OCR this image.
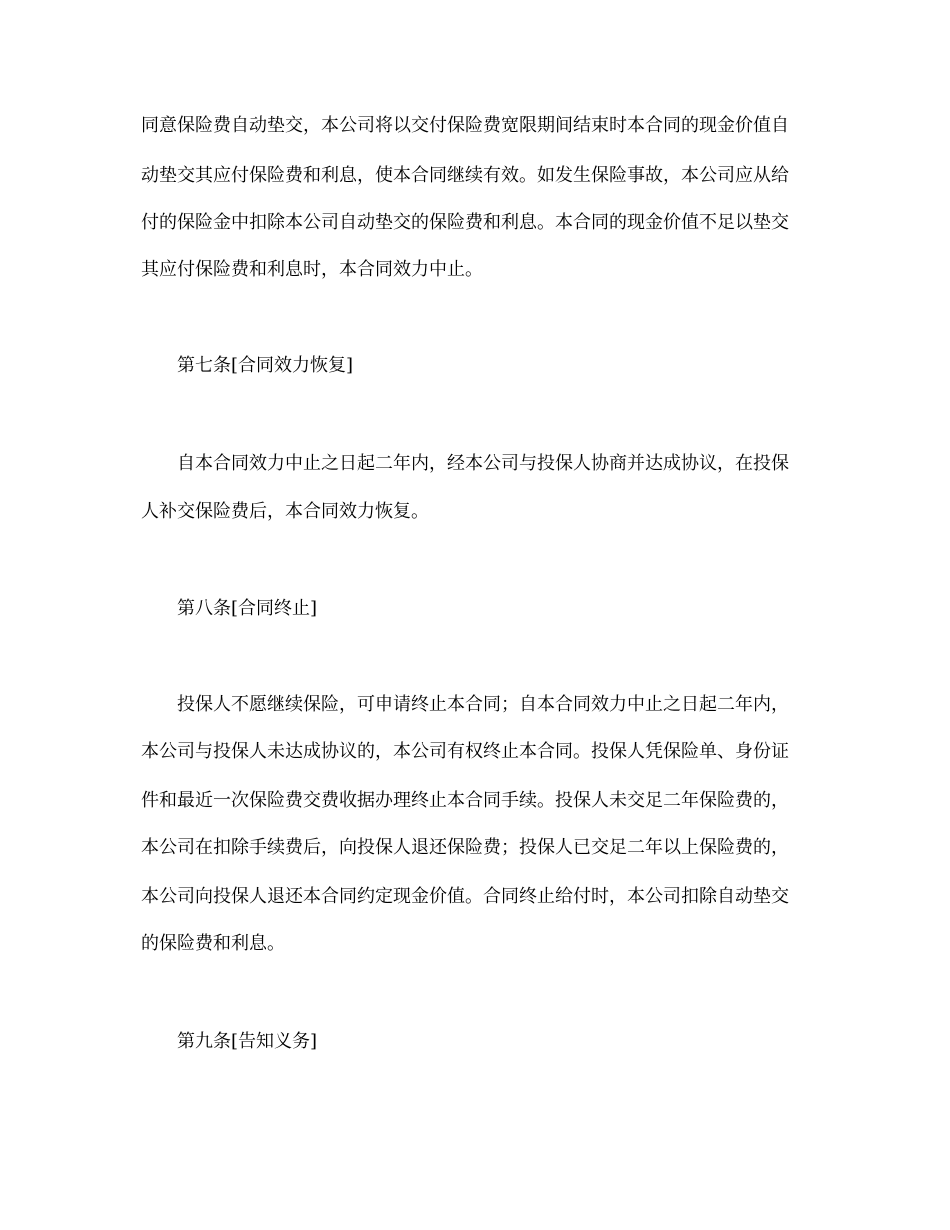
同意保险费自动垫交，本公司将以交付保险费宽限期间结束时本合同的现金价值自
动垫交其应付保险费和利息，使本合同继续有效。如发生保险事故，本公司应从给
付的保险金中扣除本公司自动垫交的保险费和利息。本合同的现金价值不足以垫交
其应付保险费和利息时，本合同效力中止。
第七条[合同效力恢复]
自本合同效力中止之日起二年内，经本公司与投保人协商并达成协议，在投保
人补交保险费后，本合同效力恢复。
第八条[合同终止]
投保人不愿继续保险，可申请终止本合同；自本合同效力中止之日起二年内，
本公司与投保人未达成协议的，本公司有权终止本合同。投保人凭保险单、身份证
件和最近一次保险费交费收据办理终止本合同手续。投保人未交足二年保险费的，
本公司在扣除手续费后，向投保人退还保险费；投保人已交足二年以上保险费的，
本公司向投保人退还本合同约定现金价值。合同终止给付时，本公司扣除自动垫交
的保险费和利息。
第九条[告知义务]
